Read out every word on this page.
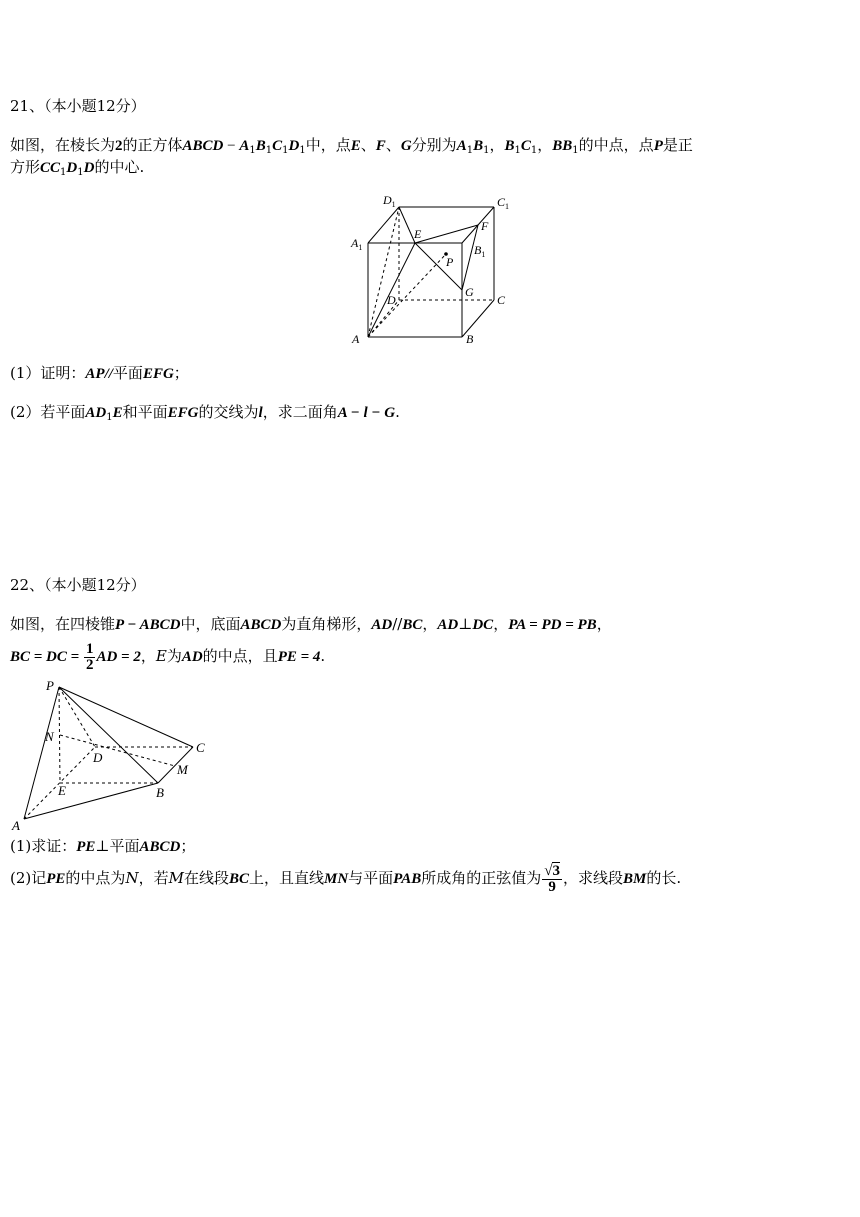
21、（本小题12分）
如图，在棱长为2的正方体ABCD − $A_1B_1C_1D_1$中，点E、F、G分别为$A_1B_1$，$B_1C_1$，$BB_1$的中点，点P是正
方形$CC_1D_1D$的中心.
$D_1$	$C_1$
$A_1$
E
F
$B_1$
P
G
D	C
A	B
(1）证明：AP//平面EFG；
(2）若平面$AD_1E$和平面EFG的交线为l，求二面角A − l − G.
22、（本小题12分）
如图，在四棱锥P − ABCD中，底面ABCD为直角梯形，AD//BC，AD⊥DC，PA = PD = PB，
BC = DC = $\frac{1}{2}$ AD = 2，E为AD的中点，且PE = 4.
P
N
D
C
M
E	B
A
(1)求证：PE⊥平面ABCD；
(2)记PE的中点为N，若M在线段BC上，且直线MN与平面PAB所成角的正弦值为 $\frac{√3}{9}$ ，求线段BM的长.
